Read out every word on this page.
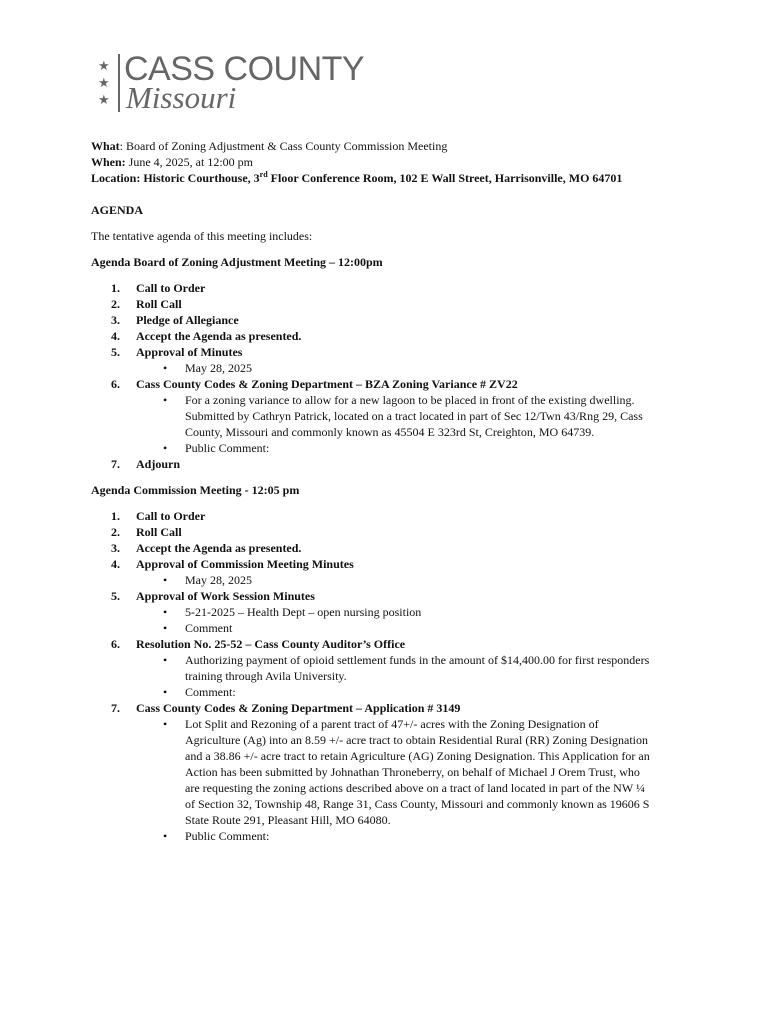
★
★
★
CASS COUNTY
Missouri

What: Board of Zoning Adjustment & Cass County Commission Meeting

When: June 4, 2025, at 12:00 pm

Location: Historic Courthouse, 3rd Floor Conference Room, 102 E Wall Street, Harrisonville, MO 64701

AGENDA

The tentative agenda of this meeting includes:

Agenda Board of Zoning Adjustment Meeting – 12:00pm

1. Call to Order
2. Roll Call
3. Pledge of Allegiance
4. Accept the Agenda as presented.
5. Approval of Minutes
• May 28, 2025
6. Cass County Codes & Zoning Department – BZA Zoning Variance # ZV22
• For a zoning variance to allow for a new lagoon to be placed in front of the existing dwelling.
Submitted by Cathryn Patrick, located on a tract located in part of Sec 12/Twn 43/Rng 29, Cass
County, Missouri and commonly known as 45504 E 323rd St, Creighton, MO 64739.
• Public Comment:
7. Adjourn

Agenda Commission Meeting - 12:05 pm

1. Call to Order
2. Roll Call
3. Accept the Agenda as presented.
4. Approval of Commission Meeting Minutes
• May 28, 2025
5. Approval of Work Session Minutes
• 5-21-2025 – Health Dept – open nursing position
• Comment
6. Resolution No. 25-52 – Cass County Auditor’s Office
• Authorizing payment of opioid settlement funds in the amount of $14,400.00 for first responders
training through Avila University.
• Comment:
7. Cass County Codes & Zoning Department – Application # 3149
• Lot Split and Rezoning of a parent tract of 47+/- acres with the Zoning Designation of
Agriculture (Ag) into an 8.59 +/- acre tract to obtain Residential Rural (RR) Zoning Designation
and a 38.86 +/- acre tract to retain Agriculture (AG) Zoning Designation. This Application for an
Action has been submitted by Johnathan Throneberry, on behalf of Michael J Orem Trust, who
are requesting the zoning actions described above on a tract of land located in part of the NW ¼
of Section 32, Township 48, Range 31, Cass County, Missouri and commonly known as 19606 S
State Route 291, Pleasant Hill, MO 64080.
• Public Comment:
